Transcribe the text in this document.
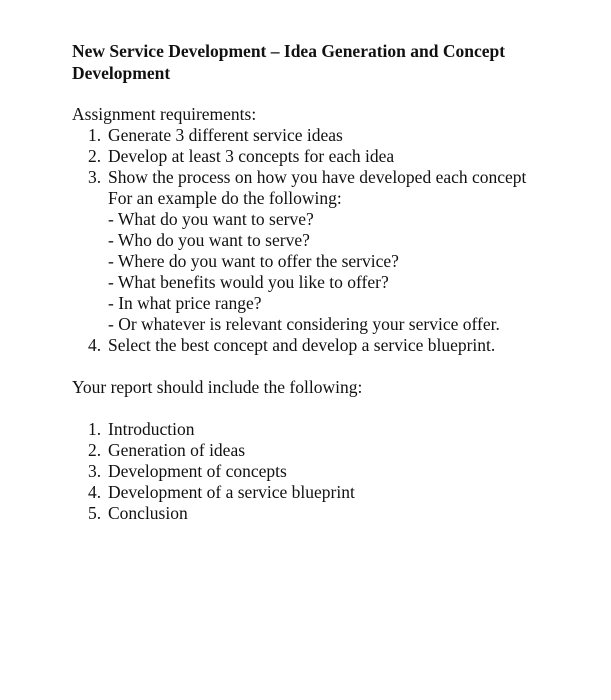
New Service Development – Idea Generation and Concept Development

Assignment requirements:

1. Generate 3 different service ideas
2. Develop at least 3 concepts for each idea
3. Show the process on how you have developed each concept
For an example do the following:
- What do you want to serve?
- Who do you want to serve?
- Where do you want to offer the service?
- What benefits would you like to offer?
- In what price range?
- Or whatever is relevant considering your service offer.
4. Select the best concept and develop a service blueprint.

Your report should include the following:

1. Introduction
2. Generation of ideas
3. Development of concepts
4. Development of a service blueprint
5. Conclusion
